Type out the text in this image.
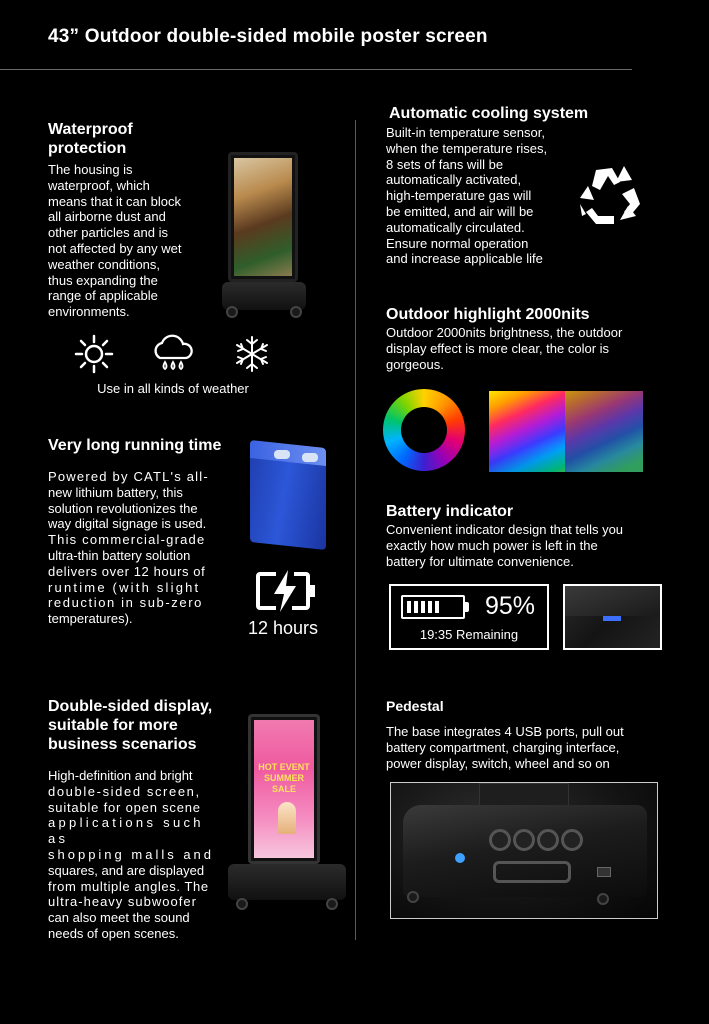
43” Outdoor double-sided mobile poster screen
Waterproof
protection
The housing is
waterproof, which
means that it can block
all airborne dust and
other particles and is
not affected by any wet
weather conditions,
thus expanding the
range of applicable
environments.
Use in all kinds of weather
Very long running time
Powered by CATL's all-
new lithium battery, this
solution revolutionizes the
way digital signage is used.
This commercial-grade
ultra-thin battery solution
delivers over 12 hours of
runtime (with slight
reduction in sub-zero
temperatures).	12 hours
Double-sided display,
suitable for more
business scenarios
High-definition and bright
double-sided screen,
suitable for open scene
applications such as
shopping malls and
squares, and are displayed
from multiple angles. The
ultra-heavy subwoofer
can also meet the sound
needs of open scenes.
HOT EVENT
SUMMER
SALE
Automatic cooling system
Built-in temperature sensor,
when the temperature rises,
8 sets of fans will be
automatically activated,
high-temperature gas will
be emitted, and air will be
automatically circulated.
Ensure normal operation
and increase applicable life
Outdoor highlight 2000nits
Outdoor 2000nits brightness, the outdoor
display effect is more clear, the color is
gorgeous.
Battery indicator
Convenient indicator design that tells you
exactly how much power is left in the
battery for ultimate convenience.
95%
19:35 Remaining
Pedestal
The base integrates 4 USB ports, pull out
battery compartment, charging interface,
power display, switch, wheel and so on
